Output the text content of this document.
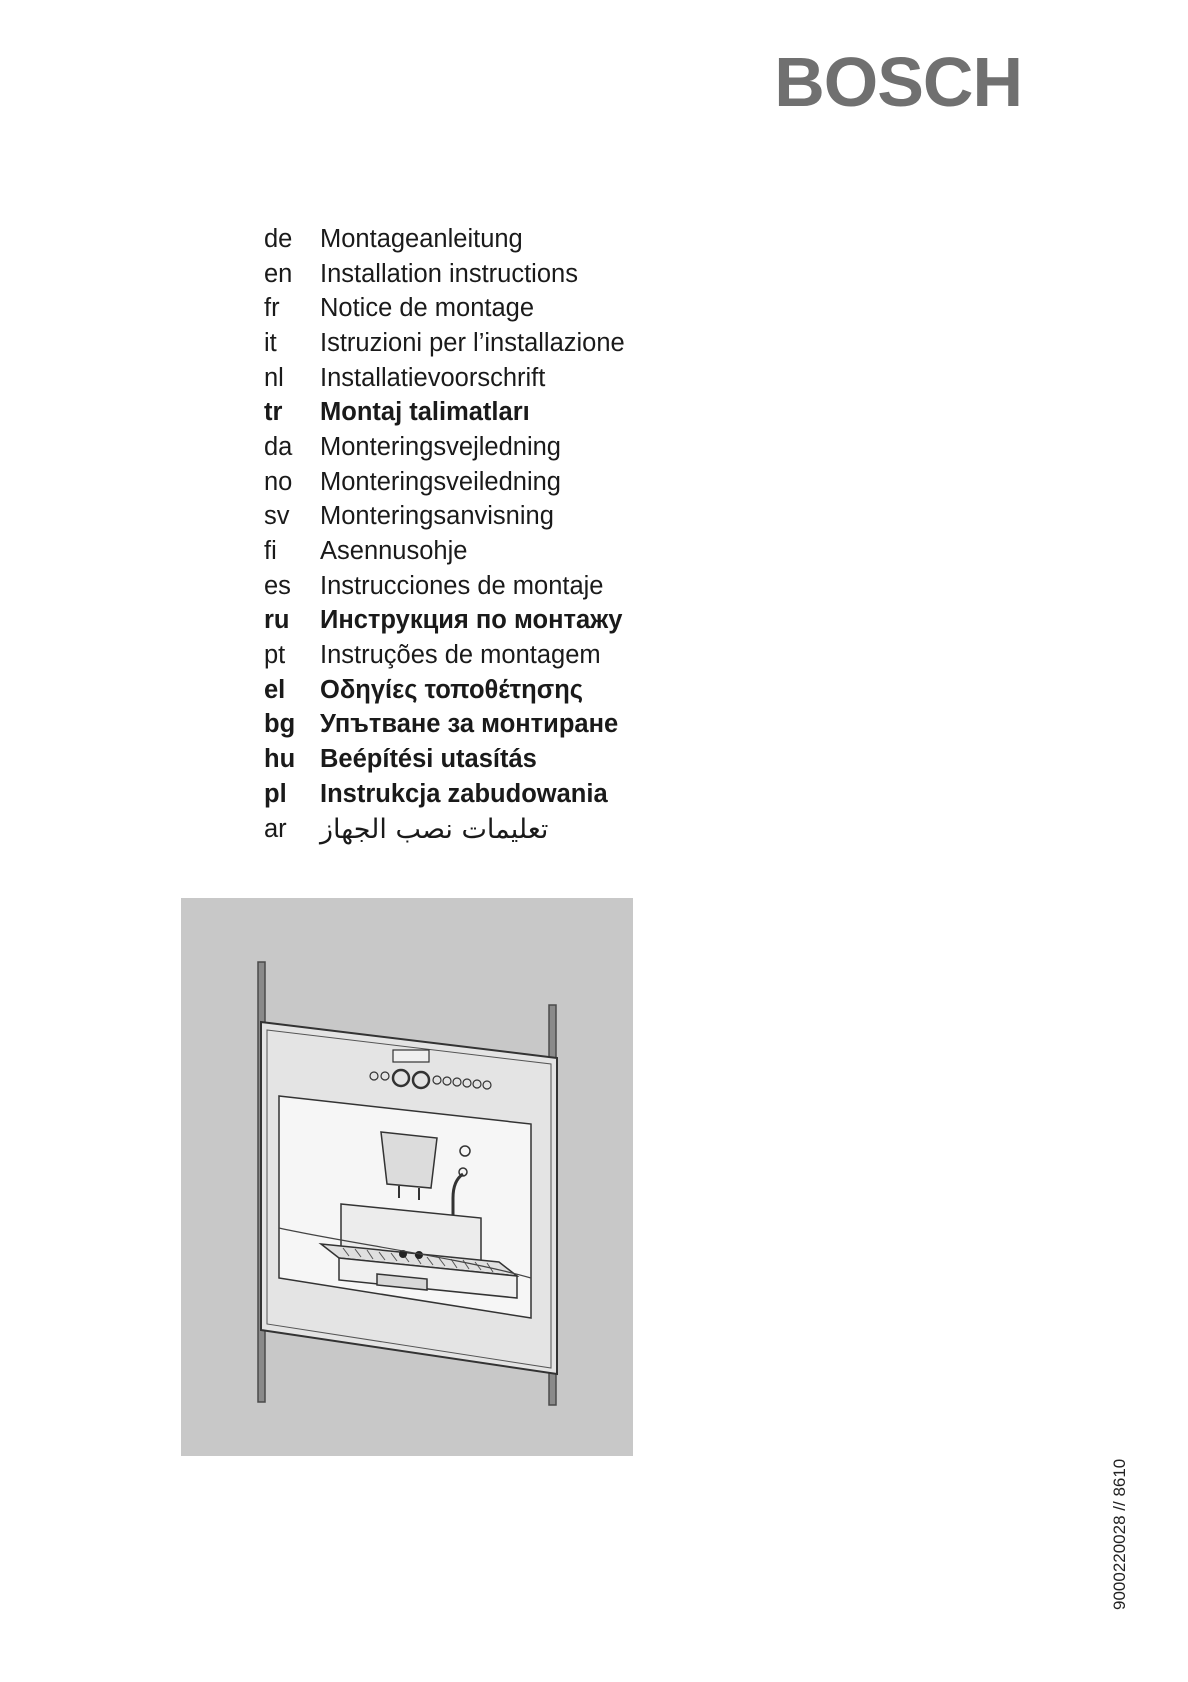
BOSCH
de	Montageanleitung
en	Installation instructions
fr	Notice de montage
it	Istruzioni per l’installazione
nl	Installatievoorschrift
tr	Montaj talimatları
da	Monteringsvejledning
no	Monteringsveiledning
sv	Monteringsanvisning
fi	Asennusohje
es	Instrucciones de montaje
ru	Инструкция по монтажу
pt	Instruções de montagem
el	Οδηγίες τοποθέτησης
bg Упътване за монтиране
hu Beépítési utasítás
pl	Instrukcja zabudowania
ar	تعليمات نصب الجهاز
9000220028 // 8610
